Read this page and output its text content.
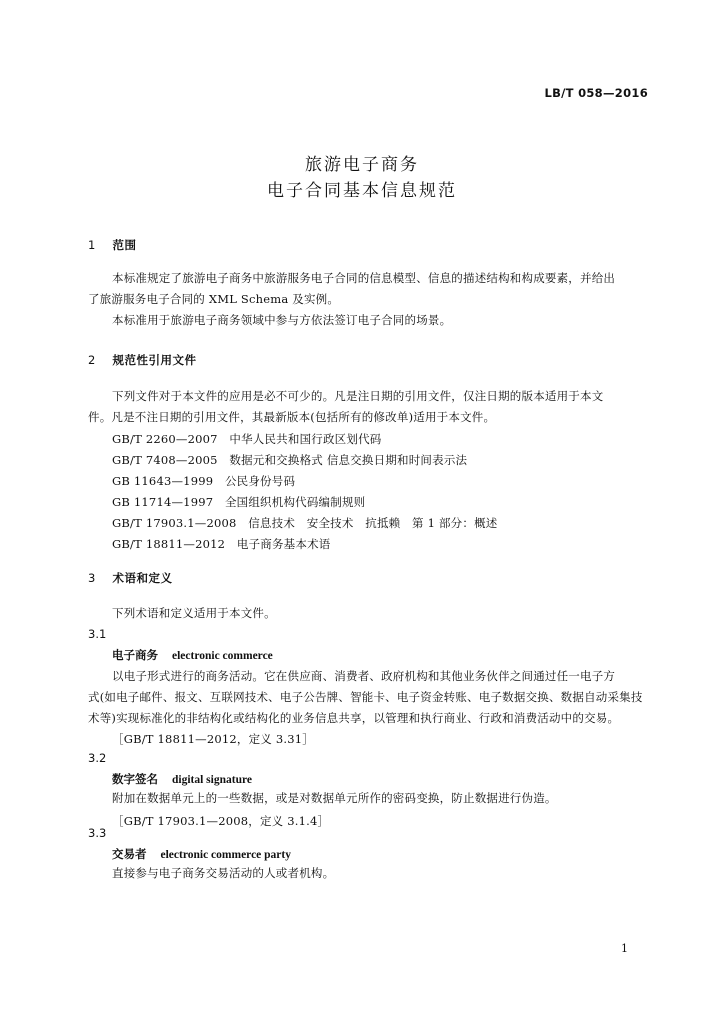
LB/T 058—2016
旅游电子商务
电子合同基本信息规范
1 范围
本标准规定了旅游电子商务中旅游服务电子合同的信息模型、信息的描述结构和构成要素，并给出
了旅游服务电子合同的 XML Schema 及实例。
本标准用于旅游电子商务领域中参与方依法签订电子合同的场景。
2 规范性引用文件
下列文件对于本文件的应用是必不可少的。凡是注日期的引用文件，仅注日期的版本适用于本文
件。凡是不注日期的引用文件，其最新版本(包括所有的修改单)适用于本文件。
GB/T 2260—2007　中华人民共和国行政区划代码
GB/T 7408—2005　数据元和交换格式 信息交换日期和时间表示法
GB 11643—1999　公民身份号码
GB 11714—1997　全国组织机构代码编制规则
GB/T 17903.1—2008　信息技术　安全技术　抗抵赖　第 1 部分：概述
GB/T 18811—2012　电子商务基本术语
3 术语和定义
下列术语和定义适用于本文件。
3.1
电子商务 electronic commerce
以电子形式进行的商务活动。它在供应商、消费者、政府机构和其他业务伙伴之间通过任一电子方
式(如电子邮件、报文、互联网技术、电子公告牌、智能卡、电子资金转账、电子数据交换、数据自动采集技
术等)实现标准化的非结构化或结构化的业务信息共享，以管理和执行商业、行政和消费活动中的交易。
［GB/T 18811—2012，定义 3.31］
3.2
数字签名 digital signature
附加在数据单元上的一些数据，或是对数据单元所作的密码变换，防止数据进行伪造。
［GB/T 17903.1—2008，定义 3.1.4］
3.3
交易者 electronic commerce party
直接参与电子商务交易活动的人或者机构。
1
